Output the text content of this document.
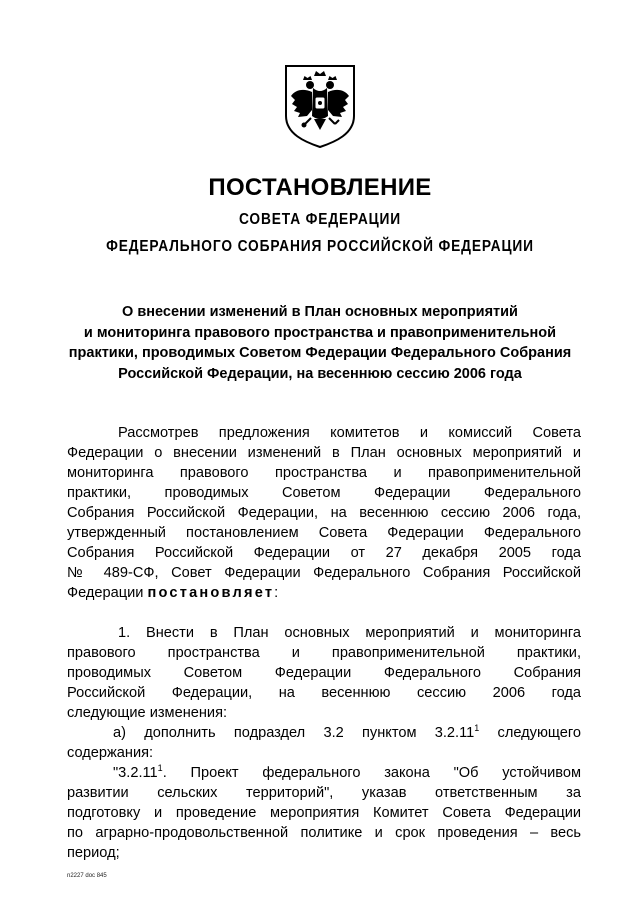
ПОСТАНОВЛЕНИЕ
СОВЕТА ФЕДЕРАЦИИ
ФЕДЕРАЛЬНОГО СОБРАНИЯ РОССИЙСКОЙ ФЕДЕРАЦИИ
О внесении изменений в План основных мероприятий
и мониторинга правового пространства и правоприменительной
практики, проводимых Советом Федерации Федерального Собрания
Российской Федерации, на весеннюю сессию 2006 года
Рассмотрев предложения комитетов и комиссий Совета
Федерации о внесении изменений в План основных мероприятий и
мониторинга правового пространства и правоприменительной
практики, проводимых Советом Федерации Федерального
Собрания Российской Федерации, на весеннюю сессию 2006 года,
утвержденный постановлением Совета Федерации Федерального
Собрания Российской Федерации от 27 декабря 2005 года
№ 489-СФ, Совет Федерации Федерального Собрания Российской
Федерации постановляет:
1. Внести в План основных мероприятий и мониторинга
правового пространства и правоприменительной практики,
проводимых Советом Федерации Федерального Собрания
Российской Федерации, на весеннюю сессию 2006 года
следующие изменения:
а) дополнить подраздел 3.2 пунктом 3.2.11$^1$ следующего
содержания:
"3.2.11$^1$. Проект федерального закона "Об устойчивом
развитии сельских территорий", указав ответственным за
подготовку и проведение мероприятия Комитет Совета Федерации
по аграрно-продовольственной политике и срок проведения – весь
период;
n2227 doc 845
